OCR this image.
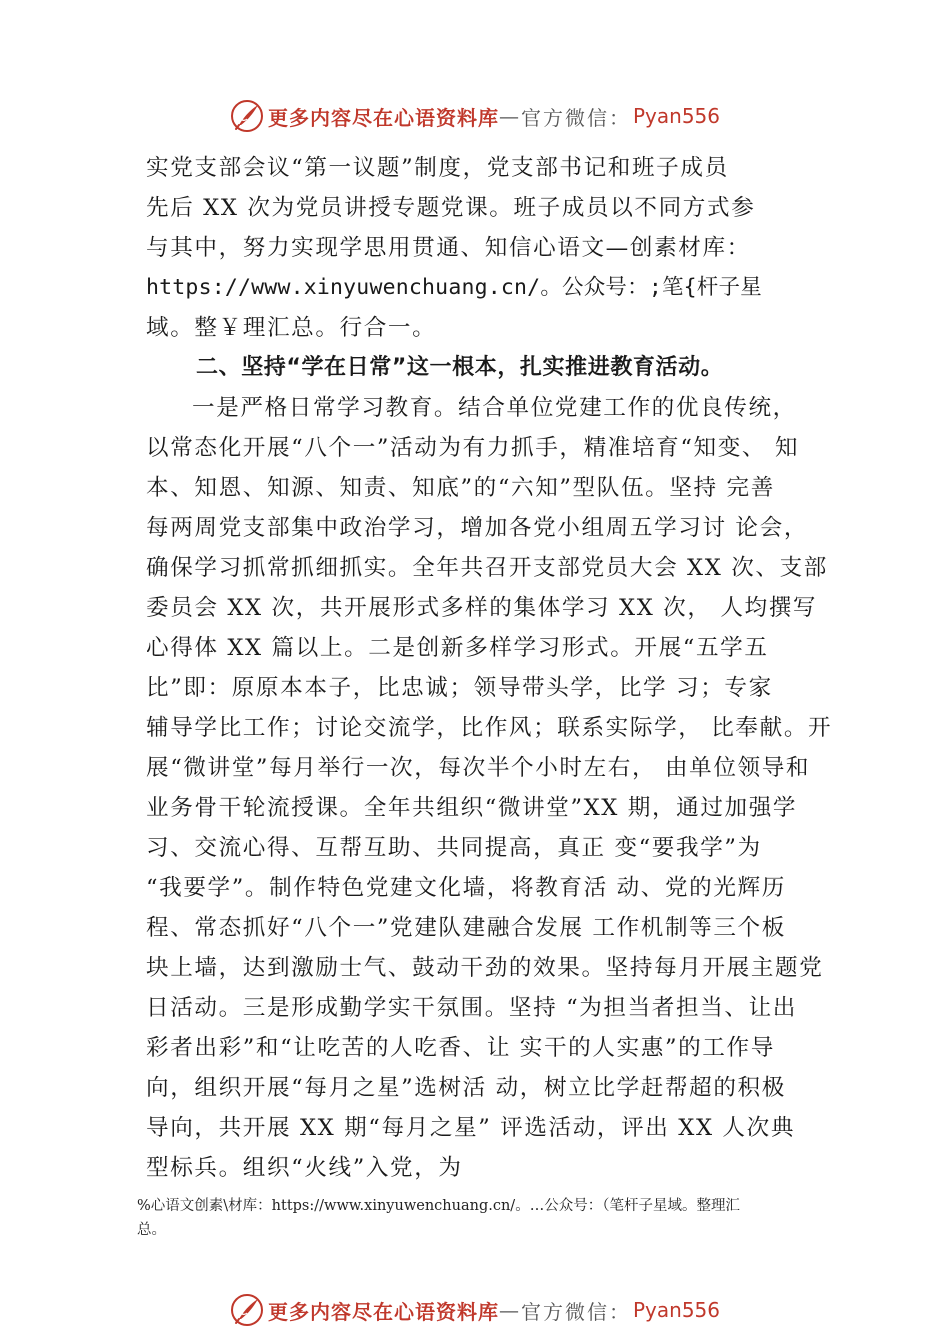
更多内容尽在心语资料库 — 官方微信： Pyan556
实党支部会议“第一议题”制度，党支部书记和班子成员
先后 XX 次为党员讲授专题党课。班子成员以不同方式参
与其中，努力实现学思用贯通、知信心语文—创素材库：
https://www.xinyuwenchuang.cn/。公众号：;笔{杆子星
域。整￥理汇总。行合一。
二、坚持“学在日常”这一根本，扎实推进教育活动。
一是严格日常学习教育。结合单位党建工作的优良传统，
以常态化开展“八个一”活动为有力抓手，精准培育“知变、 知
本、知恩、知源、知责、知底”的“六知”型队伍。坚持 完善
每两周党支部集中政治学习，增加各党小组周五学习讨 论会，
确保学习抓常抓细抓实。全年共召开支部党员大会 XX 次、支部
委员会 XX 次，共开展形式多样的集体学习 XX 次， 人均撰写
心得体 XX 篇以上。二是创新多样学习形式。开展“五学五
比”即：原原本本子，比忠诚；领导带头学，比学 习；专家
辅导学比工作；讨论交流学，比作风；联系实际学， 比奉献。开
展“微讲堂”每月举行一次，每次半个小时左右， 由单位领导和
业务骨干轮流授课。全年共组织“微讲堂”XX 期，通过加强学
习、交流心得、互帮互助、共同提高，真正 变“要我学”为
“我要学”。制作特色党建文化墙，将教育活 动、党的光辉历
程、常态抓好“八个一”党建队建融合发展 工作机制等三个板
块上墙，达到激励士气、鼓动干劲的效果。坚持每月开展主题党
日活动。三是形成勤学实干氛围。坚持 “为担当者担当、让出
彩者出彩”和“让吃苦的人吃香、让 实干的人实惠”的工作导
向，组织开展“每月之星”选树活 动，树立比学赶帮超的积极
导向，共开展 XX 期“每月之星” 评选活动，评出 XX 人次典
型标兵。组织“火线”入党，为
%心语文创素\材库：https://www.xinyuwenchuang.cn/。…公众号：（笔杆子星域。整理汇
总。
更多内容尽在心语资料库 — 官方微信： Pyan556
